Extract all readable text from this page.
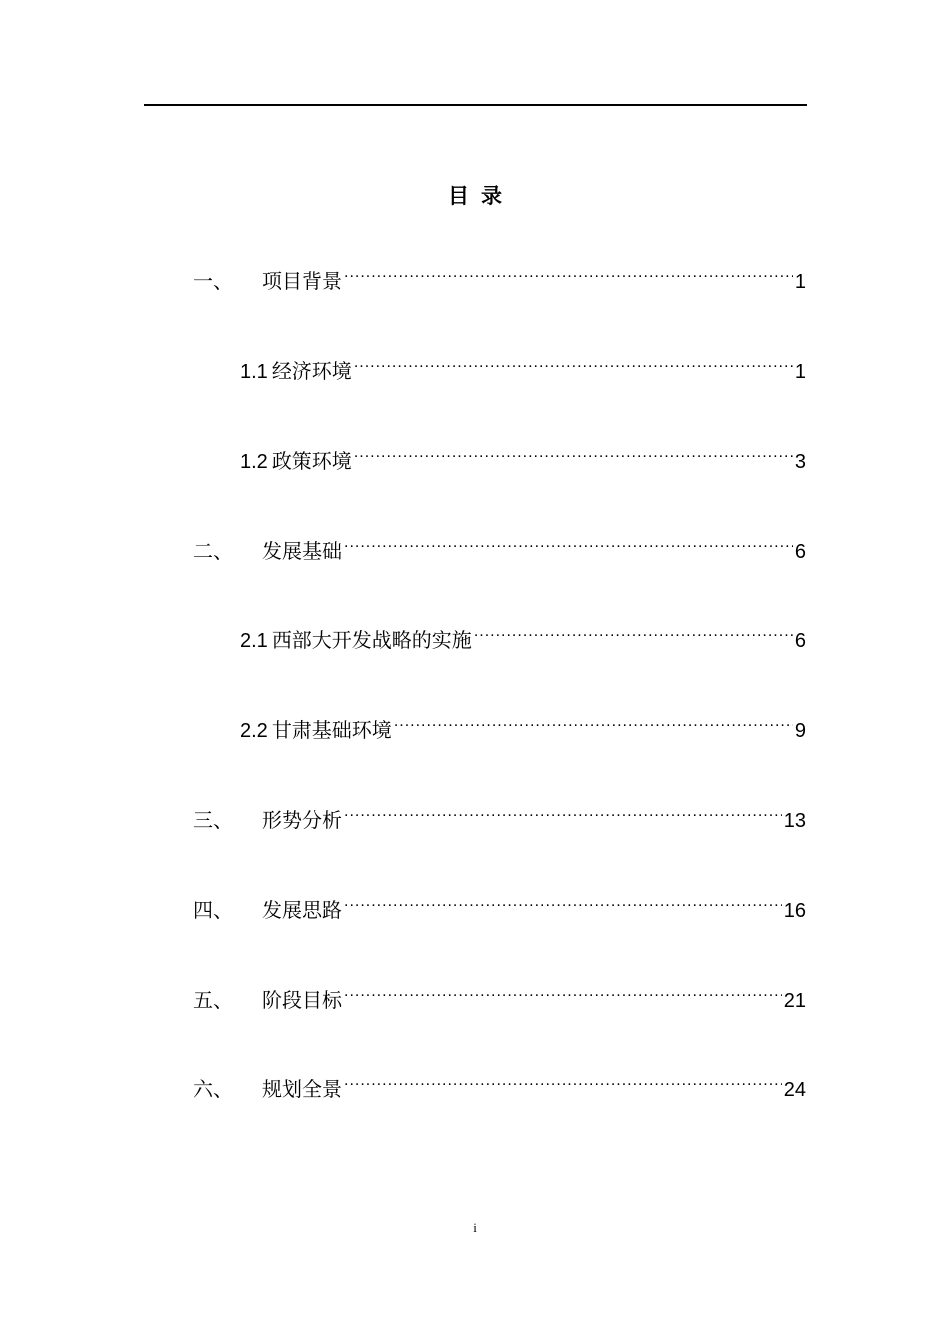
目录
一、	项目背景 .....	1
1.1 经济环境 .....	1
1.2 政策环境 .....	3
二、	发展基础 .....	6
2.1 西部大开发战略的实施 .....	6
2.2 甘肃基础环境 .....	9
三、	形势分析 .....	13
四、	发展思路 .....	16
五、	阶段目标 .....	21
六、	规划全景 .....	24
i
